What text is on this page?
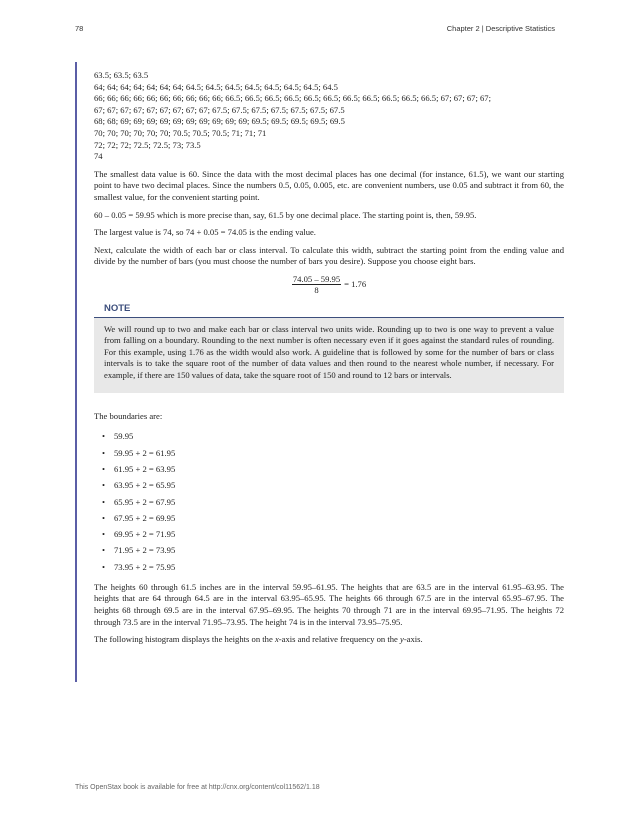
78	Chapter 2 | Descriptive Statistics
63.5; 63.5; 63.5
64; 64; 64; 64; 64; 64; 64; 64.5; 64.5; 64.5; 64.5; 64.5; 64.5; 64.5; 64.5
66; 66; 66; 66; 66; 66; 66; 66; 66; 66; 66.5; 66.5; 66.5; 66.5; 66.5; 66.5; 66.5; 66.5; 66.5; 66.5; 66.5; 67; 67; 67; 67;
67; 67; 67; 67; 67; 67; 67; 67; 67; 67.5; 67.5; 67.5; 67.5; 67.5; 67.5; 67.5
68; 68; 69; 69; 69; 69; 69; 69; 69; 69; 69; 69; 69.5; 69.5; 69.5; 69.5; 69.5
70; 70; 70; 70; 70; 70; 70.5; 70.5; 70.5; 71; 71; 71
72; 72; 72; 72.5; 72.5; 73; 73.5
74

The smallest data value is 60. Since the data with the most decimal places has one decimal (for instance, 61.5), we want our starting point to have two decimal places. Since the numbers 0.5, 0.05, 0.005, etc. are convenient numbers, use 0.05 and subtract it from 60, the smallest value, for the convenient starting point.

60 – 0.05 = 59.95 which is more precise than, say, 61.5 by one decimal place. The starting point is, then, 59.95.

The largest value is 74, so 74 + 0.05 = 74.05 is the ending value.

Next, calculate the width of each bar or class interval. To calculate this width, subtract the starting point from the ending value and divide by the number of bars (you must choose the number of bars you desire). Suppose you choose eight bars.

$\frac{74.05 - 59.95}{8} = 1.76$
NOTE
We will round up to two and make each bar or class interval two units wide. Rounding up to two is one way to prevent a value from falling on a boundary. Rounding to the next number is often necessary even if it goes against the standard rules of rounding. For this example, using 1.76 as the width would also work. A guideline that is followed by some for the number of bars or class intervals is to take the square root of the number of data values and then round to the nearest whole number, if necessary. For example, if there are 150 values of data, take the square root of 150 and round to 12 bars or intervals.

The boundaries are:

•	59.95
•	59.95 + 2 = 61.95
•	61.95 + 2 = 63.95
•	63.95 + 2 = 65.95
•	65.95 + 2 = 67.95
•	67.95 + 2 = 69.95
•	69.95 + 2 = 71.95
•	71.95 + 2 = 73.95
•	73.95 + 2 = 75.95

The heights 60 through 61.5 inches are in the interval 59.95–61.95. The heights that are 63.5 are in the interval 61.95–63.95. The heights that are 64 through 64.5 are in the interval 63.95–65.95. The heights 66 through 67.5 are in the interval 65.95–67.95. The heights 68 through 69.5 are in the interval 67.95–69.95. The heights 70 through 71 are in the interval 69.95–71.95. The heights 72 through 73.5 are in the interval 71.95–73.95. The height 74 is in the interval 73.95–75.95.

The following histogram displays the heights on the x-axis and relative frequency on the y-axis.

This OpenStax book is available for free at http://cnx.org/content/col11562/1.18
